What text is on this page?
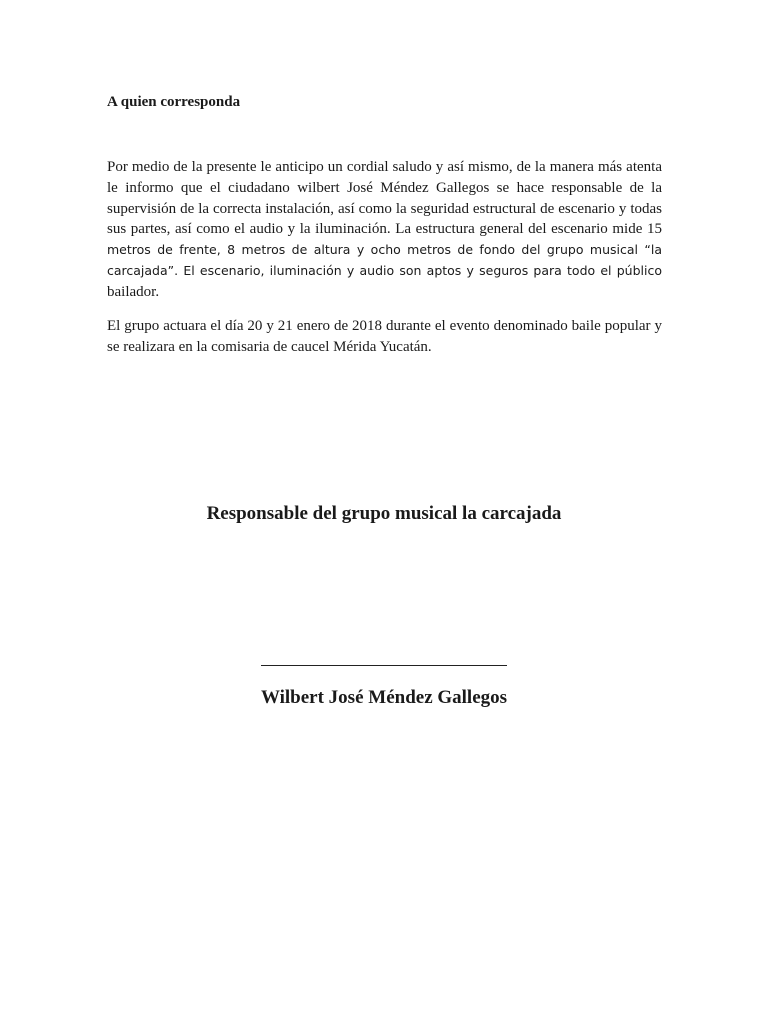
A quien corresponda

Por medio de la presente le anticipo un cordial saludo y así mismo, de la manera más atenta
le informo que el ciudadano wilbert José Méndez Gallegos se hace responsable de la
supervisión de la correcta instalación, así como la seguridad estructural de escenario y todas
sus partes, así como el audio y la iluminación. La estructura general del escenario mide 15
metros de frente, 8 metros de altura y ocho metros de fondo del grupo musical “la
carcajada”. El escenario, iluminación y audio son aptos y seguros para todo el público
bailador.

El grupo actuara el día 20 y 21 enero de 2018 durante el evento denominado baile popular y
se realizara en la comisaria de caucel Mérida Yucatán.

Responsable del grupo musical la carcajada
Wilbert José Méndez Gallegos
